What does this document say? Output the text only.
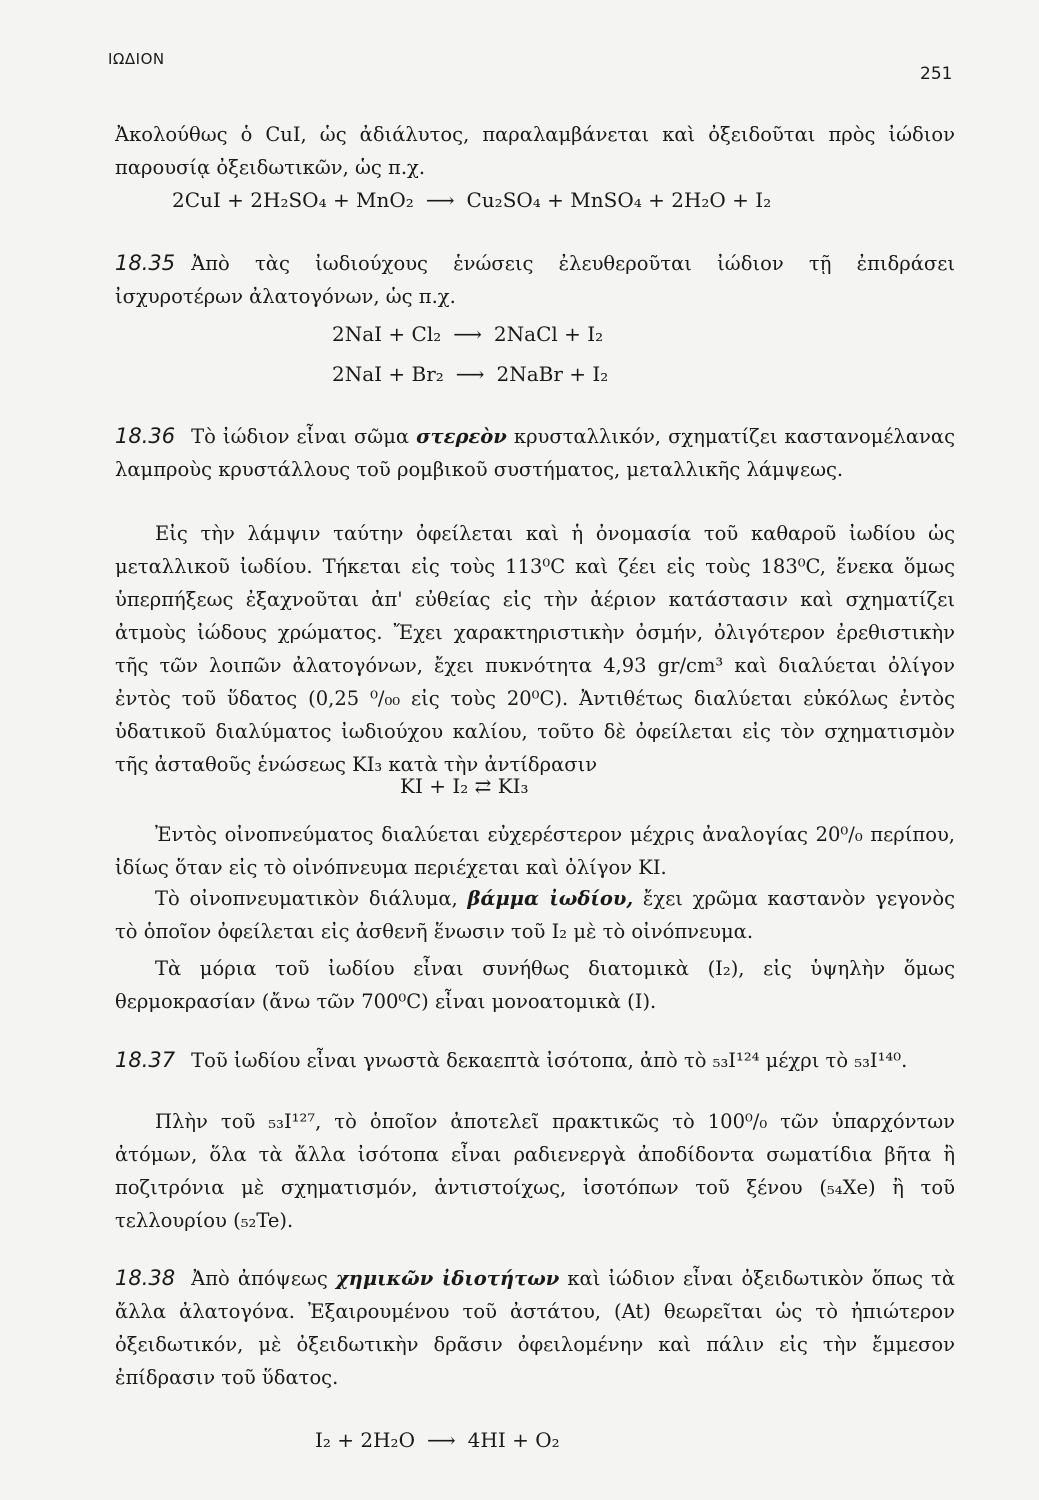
ΙΩΔΙΟΝ
251
Ἀκολούθως ὁ CuI, ὡς ἀδιάλυτος, παραλαμβάνεται καὶ ὀξειδοῦται πρὸς ἰώδιον παρουσίᾳ ὀξειδωτικῶν, ὡς π.χ.
2CuI + 2H₂SO₄ + MnO₂ ⟶ Cu₂SO₄ + MnSO₄ + 2H₂O + I₂
18.35 Ἀπὸ τὰς ἰωδιούχους ἑνώσεις ἐλευθεροῦται ἰώδιον τῇ ἐπιδράσει ἰσχυροτέρων ἀλατογόνων, ὡς π.χ.
2NaI + Cl₂ ⟶ 2NaCl + I₂
2NaI + Br₂ ⟶ 2NaBr + I₂
18.36 Τὸ ἰώδιον εἶναι σῶμα στερεὸν κρυσταλλικόν, σχηματίζει καστανομέλανας λαμπροὺς κρυστάλλους τοῦ ρομβικοῦ συστήματος, μεταλλικῆς λάμψεως.
Εἰς τὴν λάμψιν ταύτην ὀφείλεται καὶ ἡ ὀνομασία τοῦ καθαροῦ ἰωδίου ὡς μεταλλικοῦ ἰωδίου. Τήκεται εἰς τοὺς 113⁰C καὶ ζέει εἰς τοὺς 183⁰C, ἕνεκα ὅμως ὑπερπήξεως ἐξαχνοῦται ἀπ' εὐθείας εἰς τὴν ἀέριον κατάστασιν καὶ σχηματίζει ἀτμοὺς ἰώδους χρώματος. Ἔχει χαρακτηριστικὴν ὀσμήν, ὀλιγότερον ἐρεθιστικὴν τῆς τῶν λοιπῶν ἀλατογόνων, ἔχει πυκνότητα 4,93 gr/cm³ καὶ διαλύεται ὀλίγον ἐντὸς τοῦ ὕδατος (0,25 ⁰/₀₀ εἰς τοὺς 20⁰C). Ἀντιθέτως διαλύεται εὐκόλως ἐντὸς ὑδατικοῦ διαλύματος ἰωδιούχου καλίου, τοῦτο δὲ ὀφείλεται εἰς τὸν σχηματισμὸν τῆς ἀσταθοῦς ἑνώσεως KI₃ κατὰ τὴν ἀντίδρασιν
KI + I₂ ⇄ KI₃
Ἐντὸς οἰνοπνεύματος διαλύεται εὐχερέστερον μέχρις ἀναλογίας 20⁰/₀ περίπου, ἰδίως ὅταν εἰς τὸ οἰνόπνευμα περιέχεται καὶ ὀλίγον KI.
Τὸ οἰνοπνευματικὸν διάλυμα, βάμμα ἰωδίου, ἔχει χρῶμα καστανὸν γεγονὸς τὸ ὁποῖον ὀφείλεται εἰς ἀσθενῆ ἕνωσιν τοῦ I₂ μὲ τὸ οἰνόπνευμα.
Τὰ μόρια τοῦ ἰωδίου εἶναι συνήθως διατομικὰ (I₂), εἰς ὑψηλὴν ὅμως θερμοκρασίαν (ἄνω τῶν 700⁰C) εἶναι μονοατομικὰ (I).
18.37 Τοῦ ἰωδίου εἶναι γνωστὰ δεκαεπτὰ ἰσότοπα, ἀπὸ τὸ ₅₃I¹²⁴ μέχρι τὸ ₅₃I¹⁴⁰.
Πλὴν τοῦ ₅₃I¹²⁷, τὸ ὁποῖον ἀποτελεῖ πρακτικῶς τὸ 100⁰/₀ τῶν ὑπαρχόντων ἀτόμων, ὅλα τὰ ἄλλα ἰσότοπα εἶναι ραδιενεργὰ ἀποδίδοντα σωματίδια βῆτα ἢ ποζιτρόνια μὲ σχηματισμόν, ἀντιστοίχως, ἰσοτόπων τοῦ ξένου (₅₄Xe) ἢ τοῦ τελλουρίου (₅₂Te).
18.38 Ἀπὸ ἀπόψεως χημικῶν ἰδιοτήτων καὶ ἰώδιον εἶναι ὀξειδωτικὸν ὅπως τὰ ἄλλα ἀλατογόνα. Ἐξαιρουμένου τοῦ ἀστάτου, (At) θεωρεῖται ὡς τὸ ἠπιώτερον ὀξειδωτικόν, μὲ ὀξειδωτικὴν δρᾶσιν ὀφειλομένην καὶ πάλιν εἰς τὴν ἔμμεσον ἐπίδρασιν τοῦ ὕδατος.
I₂ + 2H₂O ⟶ 4HI + O₂
